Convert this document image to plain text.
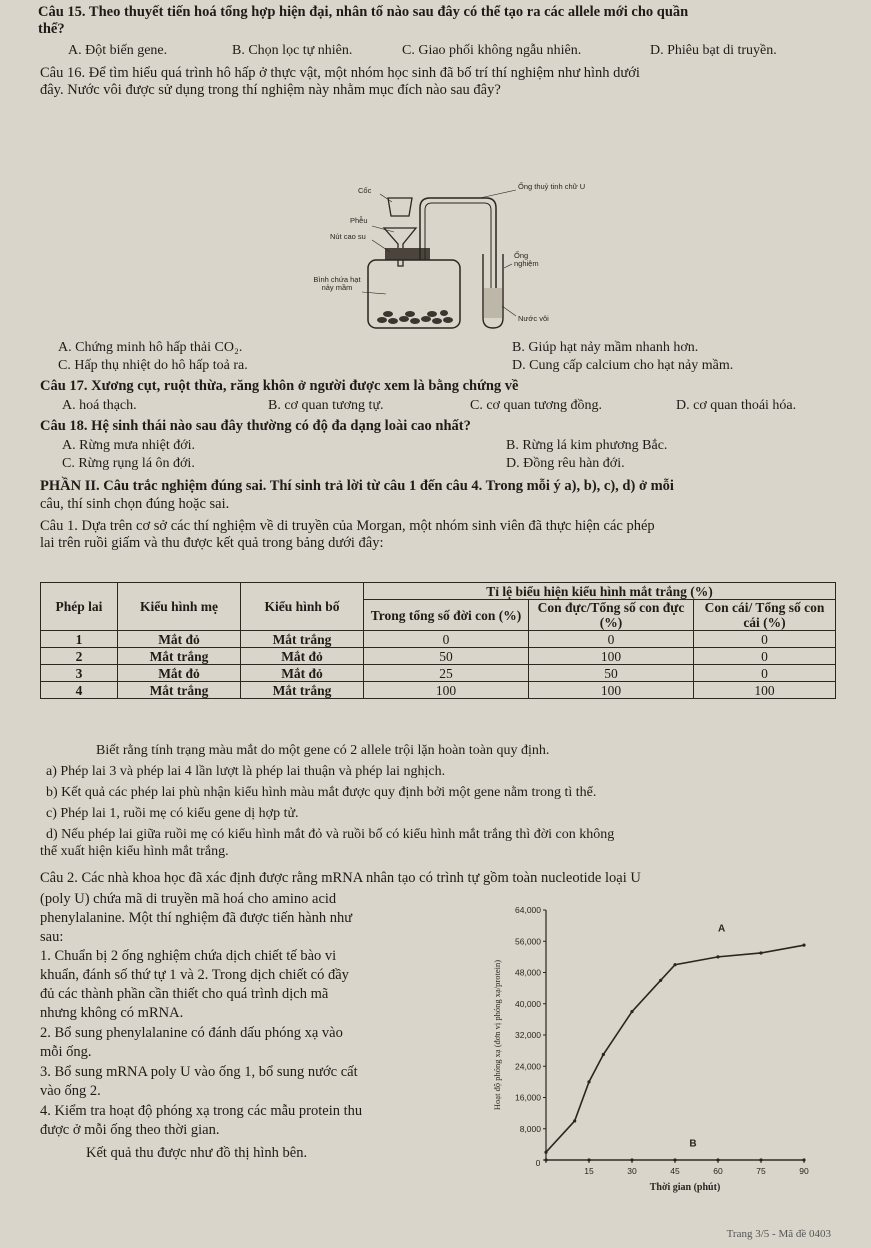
Câu 15. Theo thuyết tiến hoá tổng hợp hiện đại, nhân tố nào sau đây có thể tạo ra các allele mới cho quần
thể?
A. Đột biến gene.	B. Chọn lọc tự nhiên.	C. Giao phối không ngẫu nhiên.	D. Phiêu bạt di truyền.
Câu 16. Để tìm hiểu quá trình hô hấp ở thực vật, một nhóm học sinh đã bố trí thí nghiệm như hình dưới
đây. Nước vôi được sử dụng trong thí nghiệm này nhằm mục đích nào sau đây?
Cốc
Phễu
Nút cao su
Ống thuỷ tinh chữ U
Bình chứa hạt nảy mầm
Ống nghiệm
Nước vôi
A. Chứng minh hô hấp thải CO₂.	B. Giúp hạt nảy mầm nhanh hơn.
C. Hấp thụ nhiệt do hô hấp toả ra.	D. Cung cấp calcium cho hạt nảy mầm.
Câu 17. Xương cụt, ruột thừa, răng khôn ở người được xem là bằng chứng về
A. hoá thạch.	B. cơ quan tương tự.	C. cơ quan tương đồng.	D. cơ quan thoái hóa.
Câu 18. Hệ sinh thái nào sau đây thường có độ đa dạng loài cao nhất?
A. Rừng mưa nhiệt đới.	B. Rừng lá kim phương Bắc.
C. Rừng rụng lá ôn đới.	D. Đồng rêu hàn đới.
PHẦN II. Câu trắc nghiệm đúng sai. Thí sinh trả lời từ câu 1 đến câu 4. Trong mỗi ý a), b), c), d) ở mỗi
câu, thí sinh chọn đúng hoặc sai.
Câu 1. Dựa trên cơ sở các thí nghiệm về di truyền của Morgan, một nhóm sinh viên đã thực hiện các phép
lai trên ruồi giấm và thu được kết quả trong bảng dưới đây:
Phép lai	Kiểu hình mẹ	Kiểu hình bố	Tỉ lệ biểu hiện kiểu hình mắt trắng (%)		
			Trong tổng số đời con (%)	Con đực/Tổng số con đực (%)	Con cái/ Tổng số con cái (%)
1	Mắt đỏ	Mắt trắng	0	0	0
2	Mắt trắng	Mắt đỏ	50	100	0
3	Mắt đỏ	Mắt đỏ	25	50	0
4	Mắt trắng	Mắt trắng	100	100	100
Biết rằng tính trạng màu mắt do một gene có 2 allele trội lặn hoàn toàn quy định.
a) Phép lai 3 và phép lai 4 lần lượt là phép lai thuận và phép lai nghịch.
b) Kết quả các phép lai phù nhận kiểu hình màu mắt được quy định bởi một gene nằm trong tì thể.
c) Phép lai 1, ruồi mẹ có kiểu gene dị hợp tử.
d) Nếu phép lai giữa ruồi mẹ có kiểu hình mắt đỏ và ruồi bố có kiểu hình mắt trắng thì đời con không
thể xuất hiện kiểu hình mắt trắng.
Câu 2. Các nhà khoa học đã xác định được rằng mRNA nhân tạo có trình tự gồm toàn nucleotide loại U
(poly U) chứa mã di truyền mã hoá cho amino acid
phenylalanine. Một thí nghiệm đã được tiến hành như
sau:
1. Chuẩn bị 2 ống nghiệm chứa dịch chiết tế bào vi
khuẩn, đánh số thứ tự 1 và 2. Trong dịch chiết có đầy
đủ các thành phần cần thiết cho quá trình dịch mã
nhưng không có mRNA.
2. Bổ sung phenylalanine có đánh dấu phóng xạ vào
mỗi ống.
3. Bổ sung mRNA poly U vào ống 1, bổ sung nước cất
vào ống 2.
4. Kiểm tra hoạt độ phóng xạ trong các mẫu protein thu
được ở mỗi ống theo thời gian.
Kết quả thu được như đồ thị hình bên.
8,000
16,000
24,000
32,000
40,000
48,000
56,000
64,000
0
15	30	45	60	75	90
Thời gian (phút)
Hoạt độ phóng xạ (đơn vị phóng xạ/protein)
A
B
Trang 3/5 - Mã đề 0403
